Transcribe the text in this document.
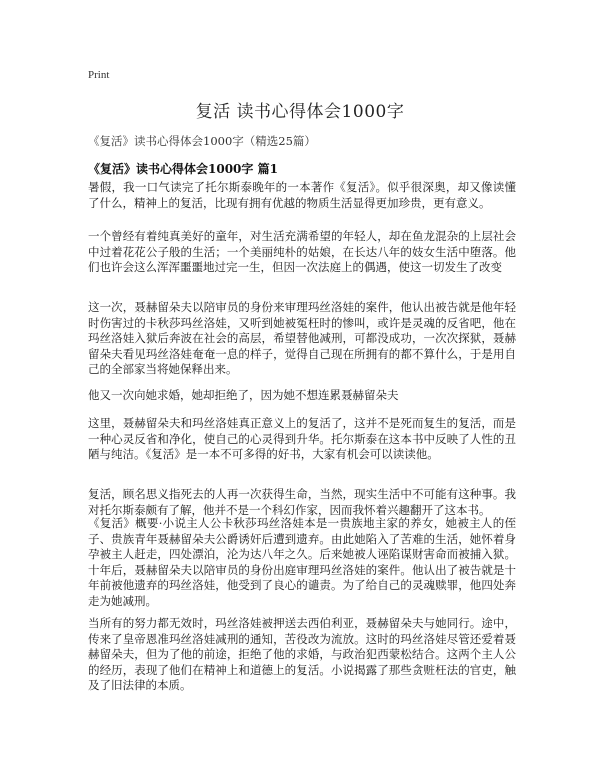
Print
复活 读书心得体会1000字
《复活》读书心得体会1000字（精选25篇）
《复活》读书心得体会1000字 篇1

暑假，我一口气读完了托尔斯泰晚年的一本著作《复活》。似乎很深奥，却又像读懂了什么，精神上的复活，比现有拥有优越的物质生活显得更加珍贵，更有意义。

一个曾经有着纯真美好的童年，对生活充满希望的年轻人，却在鱼龙混杂的上层社会中过着花花公子般的生活；一个美丽纯朴的姑娘，在长达八年的妓女生活中堕落。他们也许会这么浑浑噩噩地过完一生，但因一次法庭上的偶遇，使这一切发生了改变

这一次，聂赫留朵夫以陪审员的身份来审理玛丝洛娃的案件，他认出被告就是他年轻时伤害过的卡秋莎玛丝洛娃，又听到她被冤枉时的惨叫，或许是灵魂的反省吧，他在玛丝洛娃入狱后奔波在社会的高层，希望替他减刑，可都没成功，一次次探狱，聂赫留朵夫看见玛丝洛娃奄奄一息的样子，觉得自己现在所拥有的都不算什么，于是用自己的全部家当将她保释出来。

他又一次向她求婚，她却拒绝了，因为她不想连累聂赫留朵夫

这里，聂赫留朵夫和玛丝洛娃真正意义上的复活了，这并不是死而复生的复活，而是一种心灵反省和净化，使自己的心灵得到升华。托尔斯泰在这本书中反映了人性的丑陋与纯洁。《复活》是一本不可多得的好书，大家有机会可以读读他。

复活，顾名思义指死去的人再一次获得生命，当然，现实生活中不可能有这种事。我对托尔斯泰颇有了解，他并不是一个科幻作家，因而我怀着兴趣翻开了这本书。

《复活》概要·小说主人公卡秋莎玛丝洛娃本是一贵族地主家的养女，她被主人的侄子、贵族青年聂赫留朵夫公爵诱奸后遭到遗弃。由此她陷入了苦难的生活，她怀着身孕被主人赶走，四处漂泊，沦为达八年之久。后来她被人诬陷谋财害命而被捕入狱。十年后，聂赫留朵夫以陪审员的身份出庭审理玛丝洛娃的案件。他认出了被告就是十年前被他遗弃的玛丝洛娃，他受到了良心的谴责。为了给自己的灵魂赎罪，他四处奔走为她减刑。

当所有的努力都无效时，玛丝洛娃被押送去西伯利亚，聂赫留朵夫与她同行。途中，传来了皇帝恩准玛丝洛娃减刑的通知，苦役改为流放。这时的玛丝洛娃尽管还爱着聂赫留朵夫，但为了他的前途，拒绝了他的求婚，与政治犯西蒙松结合。这两个主人公的经历，表现了他们在精神上和道德上的复活。小说揭露了那些贪赃枉法的官吏，触及了旧法律的本质。
